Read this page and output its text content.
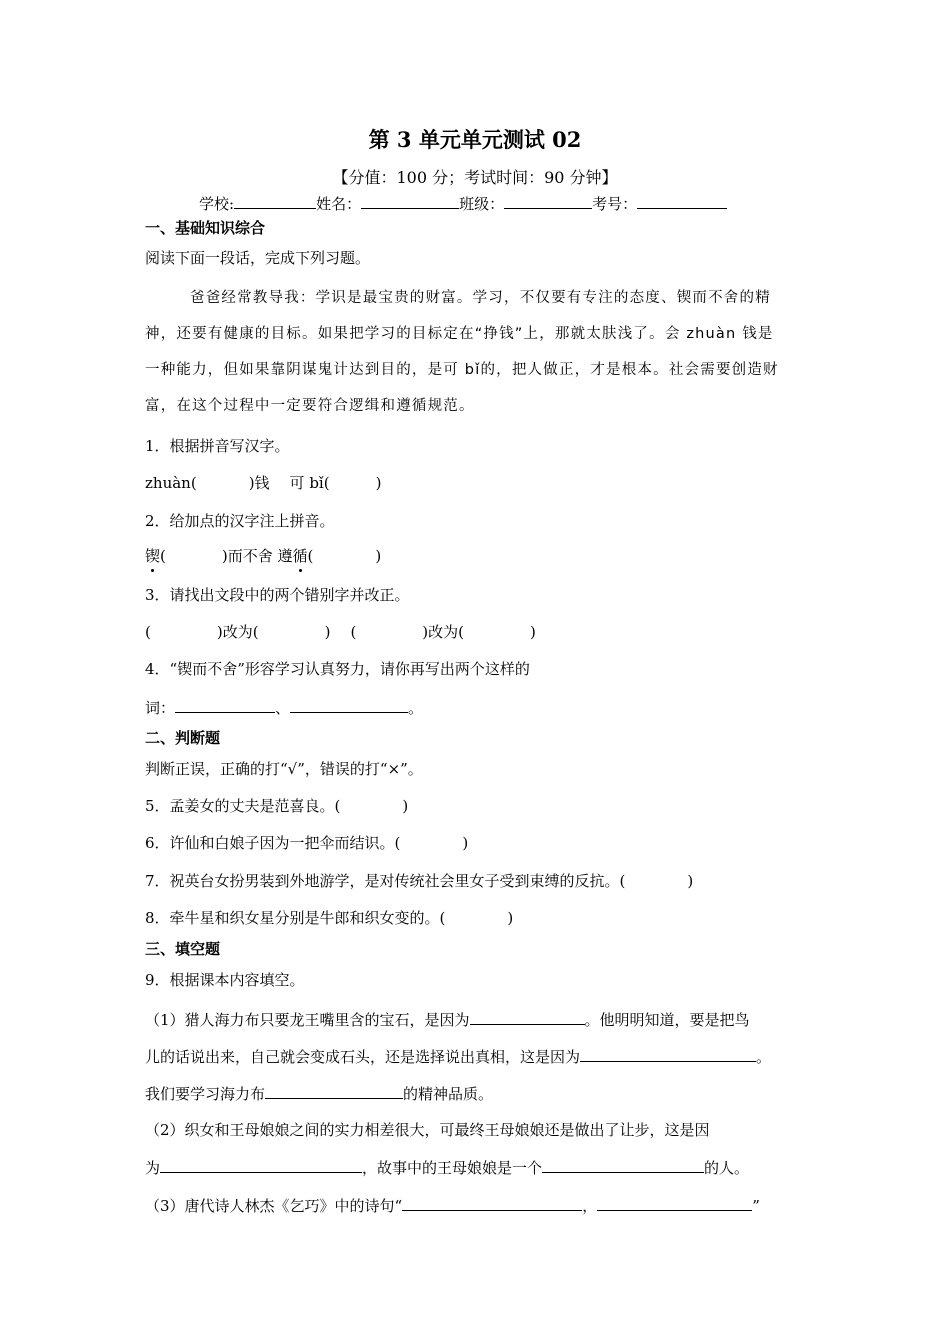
第 3 单元单元测试 02
【分值：100 分；考试时间：90 分钟】
学校:	姓名：	班级：	考号：
一、基础知识综合
阅读下面一段话，完成下列习题。
爸爸经常教导我：学识是最宝贵的财富。学习，不仅要有专注的态度、锲而不舍的精
神，还要有健康的目标。如果把学习的目标定在“挣钱”上，那就太肤浅了。会 zhuàn 钱是
一种能力，但如果靠阴谋鬼计达到目的，是可 bǐ的，把人做正，才是根本。社会需要创造财
富，在这个过程中一定要符合逻缉和遵循规范。
1．根据拼音写汉字。
zhuàn(	)钱 可 bǐ(	)
2．给加点的汉字注上拼音。
锲(	)而不舍 遵循(	)
3．请找出文段中的两个错别字并改正。
(	)改为(	) (	)改为(	)
4．“锲而不舍”形容学习认真努力，请你再写出两个这样的
词：	、	。
二、判断题
判断正误，正确的打“√”，错误的打“×”。
5．孟姜女的丈夫是范喜良。(	)
6．许仙和白娘子因为一把伞而结识。(	)
7．祝英台女扮男装到外地游学，是对传统社会里女子受到束缚的反抗。(	)
8．牵牛星和织女星分别是牛郎和织女变的。(	)
三、填空题
9．根据课本内容填空。
（1）猎人海力布只要龙王嘴里含的宝石，是因为	。他明明知道，要是把鸟
儿的话说出来，自己就会变成石头，还是选择说出真相，这是因为	。
我们要学习海力布	的精神品质。
（2）织女和王母娘娘之间的实力相差很大，可最终王母娘娘还是做出了让步，这是因
为	，故事中的王母娘娘是一个	的人。
（3）唐代诗人林杰《乞巧》中的诗句“	，	”
